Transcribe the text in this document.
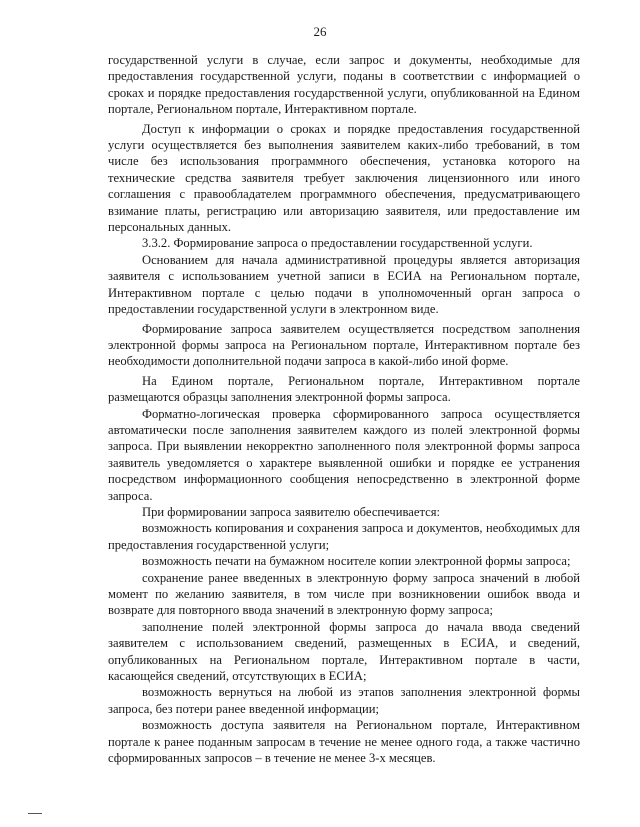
26

государственной услуги в случае, если запрос и документы, необходимые для предоставления государственной услуги, поданы в соответствии с информацией о сроках и порядке предоставления государственной услуги, опубликованной на Едином портале, Региональном портале, Интерактивном портале.

Доступ к информации о сроках и порядке предоставления государственной услуги осуществляется без выполнения заявителем каких-либо требований, в том числе без использования программного обеспечения, установка которого на технические средства заявителя требует заключения лицензионного или иного соглашения с правообладателем программного обеспечения, предусматривающего взимание платы, регистрацию или авторизацию заявителя, или предоставление им персональных данных.

3.3.2. Формирование запроса о предоставлении государственной услуги.

Основанием для начала административной процедуры является авторизация заявителя с использованием учетной записи в ЕСИА на Региональном портале, Интерактивном портале с целью подачи в уполномоченный орган запроса о предоставлении государственной услуги в электронном виде.

Формирование запроса заявителем осуществляется посредством заполнения электронной формы запроса на Региональном портале, Интерактивном портале без необходимости дополнительной подачи запроса в какой-либо иной форме.

На Едином портале, Региональном портале, Интерактивном портале размещаются образцы заполнения электронной формы запроса.

Форматно-логическая проверка сформированного запроса осуществляется автоматически после заполнения заявителем каждого из полей электронной формы запроса. При выявлении некорректно заполненного поля электронной формы запроса заявитель уведомляется о характере выявленной ошибки и порядке ее устранения посредством информационного сообщения непосредственно в электронной форме запроса.

При формировании запроса заявителю обеспечивается:

возможность копирования и сохранения запроса и документов, необходимых для предоставления государственной услуги;

возможность печати на бумажном носителе копии электронной формы запроса;

сохранение ранее введенных в электронную форму запроса значений в любой момент по желанию заявителя, в том числе при возникновении ошибок ввода и возврате для повторного ввода значений в электронную форму запроса;

заполнение полей электронной формы запроса до начала ввода сведений заявителем с использованием сведений, размещенных в ЕСИА, и сведений, опубликованных на Региональном портале, Интерактивном портале в части, касающейся сведений, отсутствующих в ЕСИА;

возможность вернуться на любой из этапов заполнения электронной формы запроса, без потери ранее введенной информации;

возможность доступа заявителя на Региональном портале, Интерактивном портале к ранее поданным запросам в течение не менее одного года, а также частично сформированных запросов – в течение не менее 3-х месяцев.
